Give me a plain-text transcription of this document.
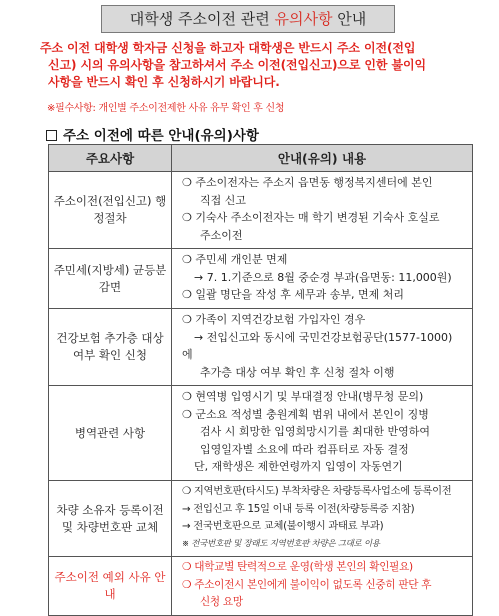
대학생 주소이전 관련 유의사항 안내
주소 이전 대학생 학자금 신청을 하고자 대학생은 반드시 주소 이전(전입
신고) 시의 유의사항을 참고하셔서 주소 이전(전입신고)으로 인한 불이익
사항을 반드시 확인 후 신청하시기 바랍니다.
※필수사항: 개인별 주소이전제한 사유 유무 확인 후 신청
주소 이전에 따른 안내(유의)사항
주요사항	안내(유의) 내용
주소이전(전입신고) 행정절차	❍ 주소이전자는 주소지 읍면동 행정복지센터에 본인
직접 신고
❍ 기숙사 주소이전자는 매 학기 변경된 기숙사 호실로
주소이전

주민세(지방세) 균등분 감면	❍ 주민세 개인분 면제
→ 7. 1.기준으로 8월 중순경 부과(읍면동: 11,000원)
❍ 일괄 명단을 작성 후 세무과 송부, 면제 처리

건강보험 추가층 대상여부 확인 신청	❍ 가족이 지역건강보험 가입자인 경우
→ 전입신고와 동시에 국민건강보험공단(1577-1000)
에
추가층 대상 여부 확인 후 신청 절차 이행

병역관련 사항	❍ 현역병 입영시기 및 부대결정 안내(병무청 문의)
❍ 군소요 적성별 충원계획 범위 내에서 본인이 징병
검사 시 희망한 입영희망시기를 최대한 반영하여
입영일자별 소요에 따라 컴퓨터로 자동 결정
단, 재학생은 제한연령까지 입영이 자동연기

차량 소유자 등록이전 및 차량번호판 교체	❍ 지역번호판(타시도) 부착차량은 차량등록사업소에 등록이전
→ 전입신고 후 15일 이내 등록 이전(차량등록증 지참)
→ 전국번호판으로 교체(불이행시 과태료 부과)
※ 전국번호판 및 장래도 지역번호판 차량은 그대로 이용

주소이전 예외 사유 안내	❍ 대학교별 탄력적으로 운영(학생 본인의 확인필요)
❍ 주소이전시 본인에게 불이익이 없도록 신중히 판단 후
신청 요망
